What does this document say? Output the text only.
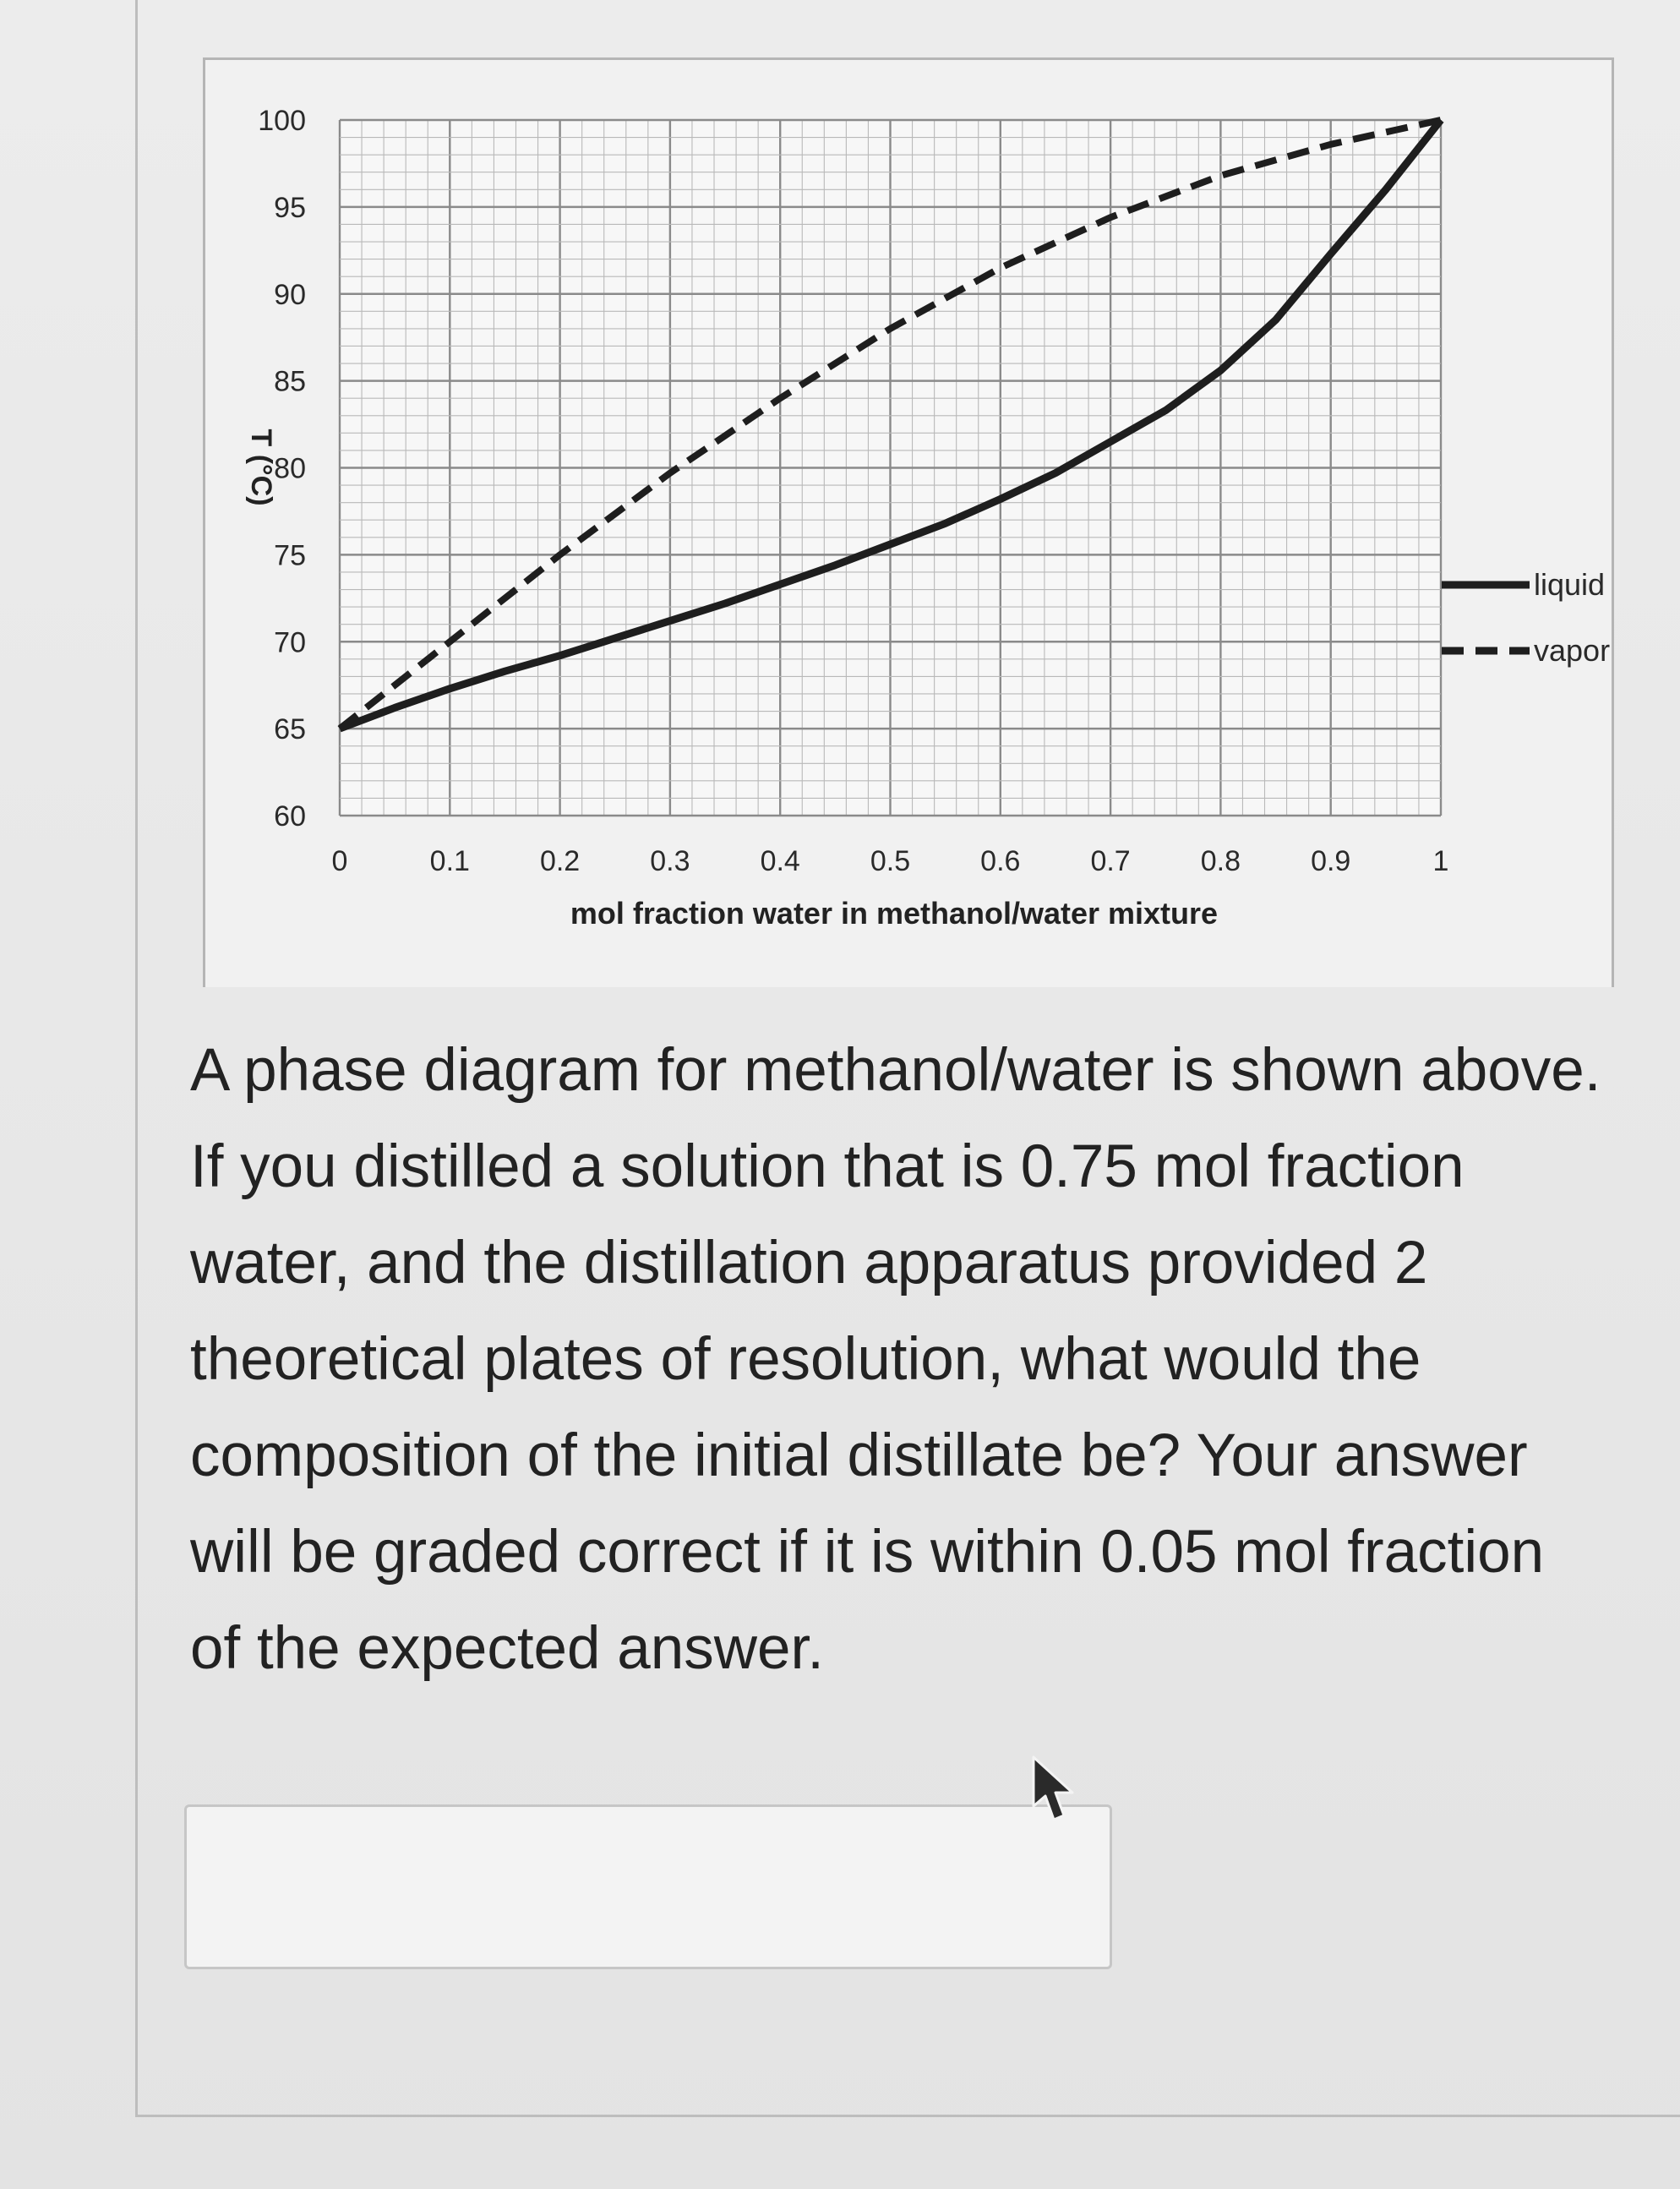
0	0.1 0.2 0.3 0.4 0.5 0.6 0.7 0.8 0.9	1
60
65
70
75
80
85
90
95
100
mol fraction water in methanol/water mixture
T (°C)
liquid
vapor

A phase diagram for methanol/water is shown above. If you distilled a solution that is 0.75 mol fraction water, and the distillation apparatus provided 2 theoretical plates of resolution, what would the composition of the initial distillate be? Your answer will be graded correct if it is within 0.05 mol fraction of the expected answer.
